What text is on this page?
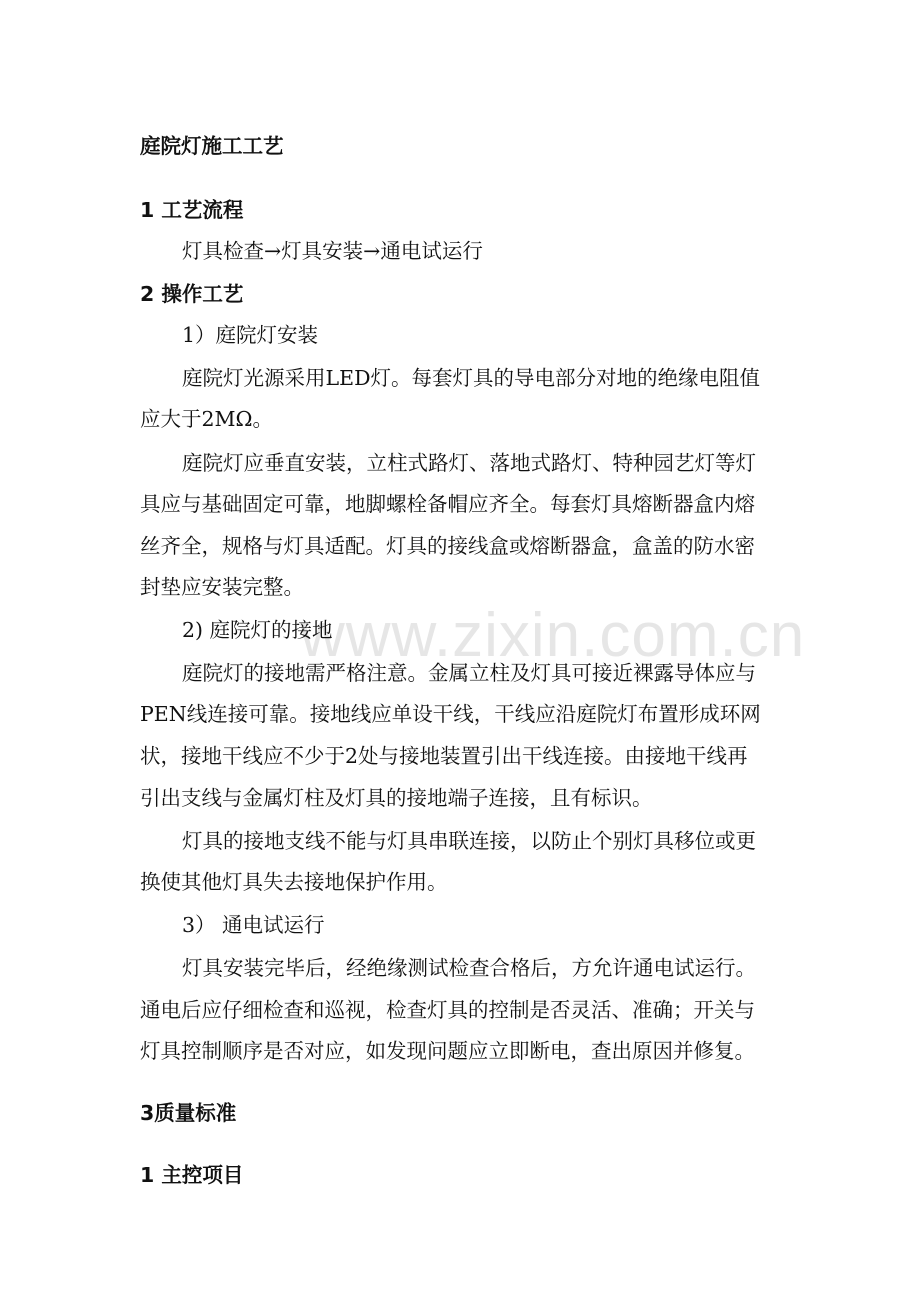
www.zixin.com.cn
庭院灯施工工艺
1 工艺流程
灯具检查→灯具安装→通电试运行
2 操作工艺
1）庭院灯安装
庭院灯光源采用LED灯。每套灯具的导电部分对地的绝缘电阻值
应大于2MΩ。
庭院灯应垂直安装，立柱式路灯、落地式路灯、特种园艺灯等灯
具应与基础固定可靠，地脚螺栓备帽应齐全。每套灯具熔断器盒内熔
丝齐全，规格与灯具适配。灯具的接线盒或熔断器盒，盒盖的防水密
封垫应安装完整。
2) 庭院灯的接地
庭院灯的接地需严格注意。金属立柱及灯具可接近裸露导体应与
PEN线连接可靠。接地线应单设干线，干线应沿庭院灯布置形成环网
状，接地干线应不少于2处与接地装置引出干线连接。由接地干线再
引出支线与金属灯柱及灯具的接地端子连接，且有标识。
灯具的接地支线不能与灯具串联连接，以防止个别灯具移位或更
换使其他灯具失去接地保护作用。
3） 通电试运行
灯具安装完毕后，经绝缘测试检查合格后，方允许通电试运行。
通电后应仔细检查和巡视，检查灯具的控制是否灵活、准确；开关与
灯具控制顺序是否对应，如发现问题应立即断电，查出原因并修复。
3质量标准
1 主控项目
